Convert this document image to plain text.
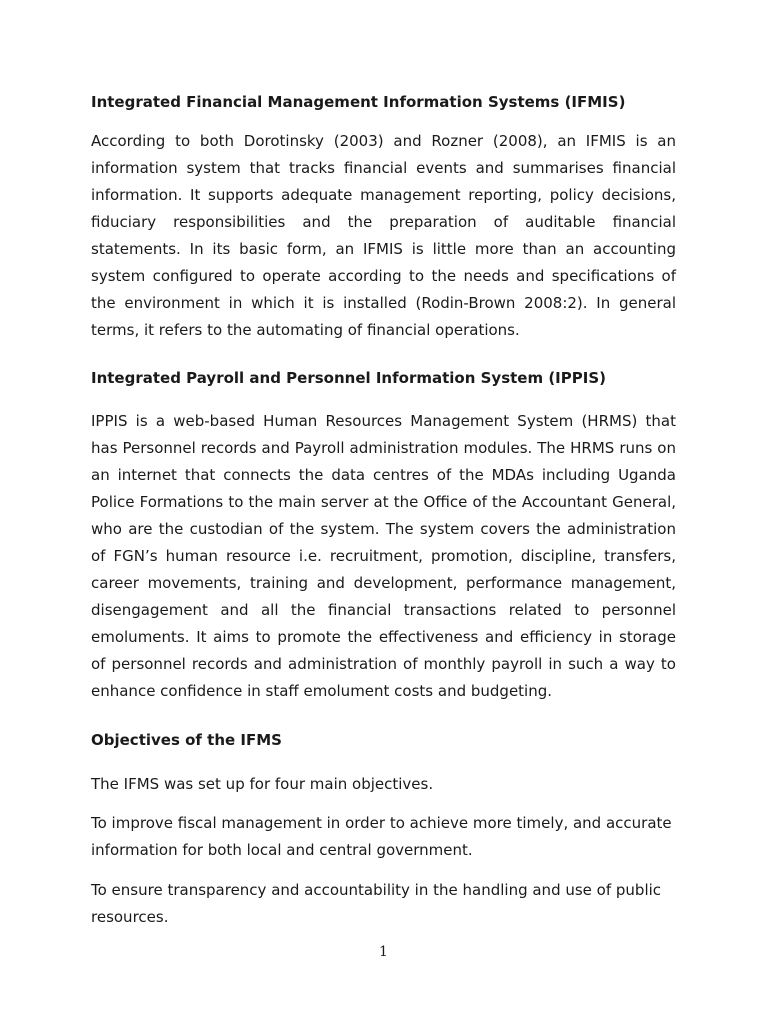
Integrated Financial Management Information Systems (IFMIS)

According to both Dorotinsky (2003) and Rozner (2008), an IFMIS is an information system that tracks financial events and summarises financial information. It supports adequate management reporting, policy decisions, fiduciary responsibilities and the preparation of auditable financial statements. In its basic form, an IFMIS is little more than an accounting system configured to operate according to the needs and specifications of the environment in which it is installed (Rodin-Brown 2008:2). In general terms, it refers to the automating of financial operations.

Integrated Payroll and Personnel Information System (IPPIS)

IPPIS is a web-based Human Resources Management System (HRMS) that has Personnel records and Payroll administration modules. The HRMS runs on an internet that connects the data centres of the MDAs including Uganda Police Formations to the main server at the Office of the Accountant General, who are the custodian of the system. The system covers the administration of FGN’s human resource i.e. recruitment, promotion, discipline, transfers, career movements, training and development, performance management, disengagement and all the financial transactions related to personnel emoluments. It aims to promote the effectiveness and efficiency in storage of personnel records and administration of monthly payroll in such a way to enhance confidence in staff emolument costs and budgeting.

Objectives of the IFMS

The IFMS was set up for four main objectives.

To improve fiscal management in order to achieve more timely, and accurate information for both local and central government.

To ensure transparency and accountability in the handling and use of public resources.

1
